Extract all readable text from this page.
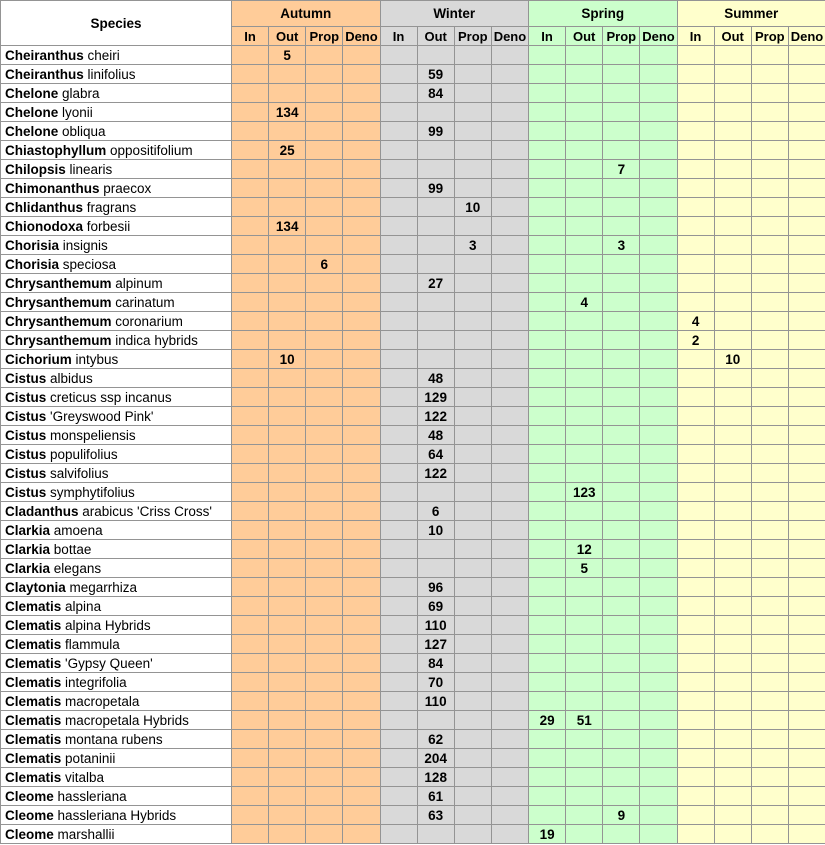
Species	Autumn				Winter				Spring				Summer			
	In	Out	Prop	Deno	In	Out	Prop	Deno	In	Out	Prop	Deno	In	Out	Prop	Deno
Cheiranthus cheiri		5														
Cheiranthus linifolius						59										
Chelone glabra						84										
Chelone lyonii		134														
Chelone obliqua						99										
Chiastophyllum oppositifolium		25														
Chilopsis linearis											7					
Chimonanthus praecox						99										
Chlidanthus fragrans							10									
Chionodoxa forbesii		134														
Chorisia insignis							3				3					
Chorisia speciosa			6													
Chrysanthemum alpinum						27										
Chrysanthemum carinatum										4						
Chrysanthemum coronarium													4			
Chrysanthemum indica hybrids													2			
Cichorium intybus		10												10		
Cistus albidus						48										
Cistus creticus ssp incanus						129										
Cistus 'Greyswood Pink'						122										
Cistus monspeliensis						48										
Cistus populifolius						64										
Cistus salvifolius						122										
Cistus symphytifolius										123						
Cladanthus arabicus 'Criss Cross'						6										
Clarkia amoena						10										
Clarkia bottae										12						
Clarkia elegans										5						
Claytonia megarrhiza						96										
Clematis alpina						69										
Clematis alpina Hybrids						110										
Clematis flammula						127										
Clematis 'Gypsy Queen'						84										
Clematis integrifolia						70										
Clematis macropetala						110										
Clematis macropetala Hybrids									29	51						
Clematis montana rubens						62										
Clematis potaninii						204										
Clematis vitalba						128										
Cleome hassleriana						61										
Cleome hassleriana Hybrids						63					9					
Cleome marshallii									19							
